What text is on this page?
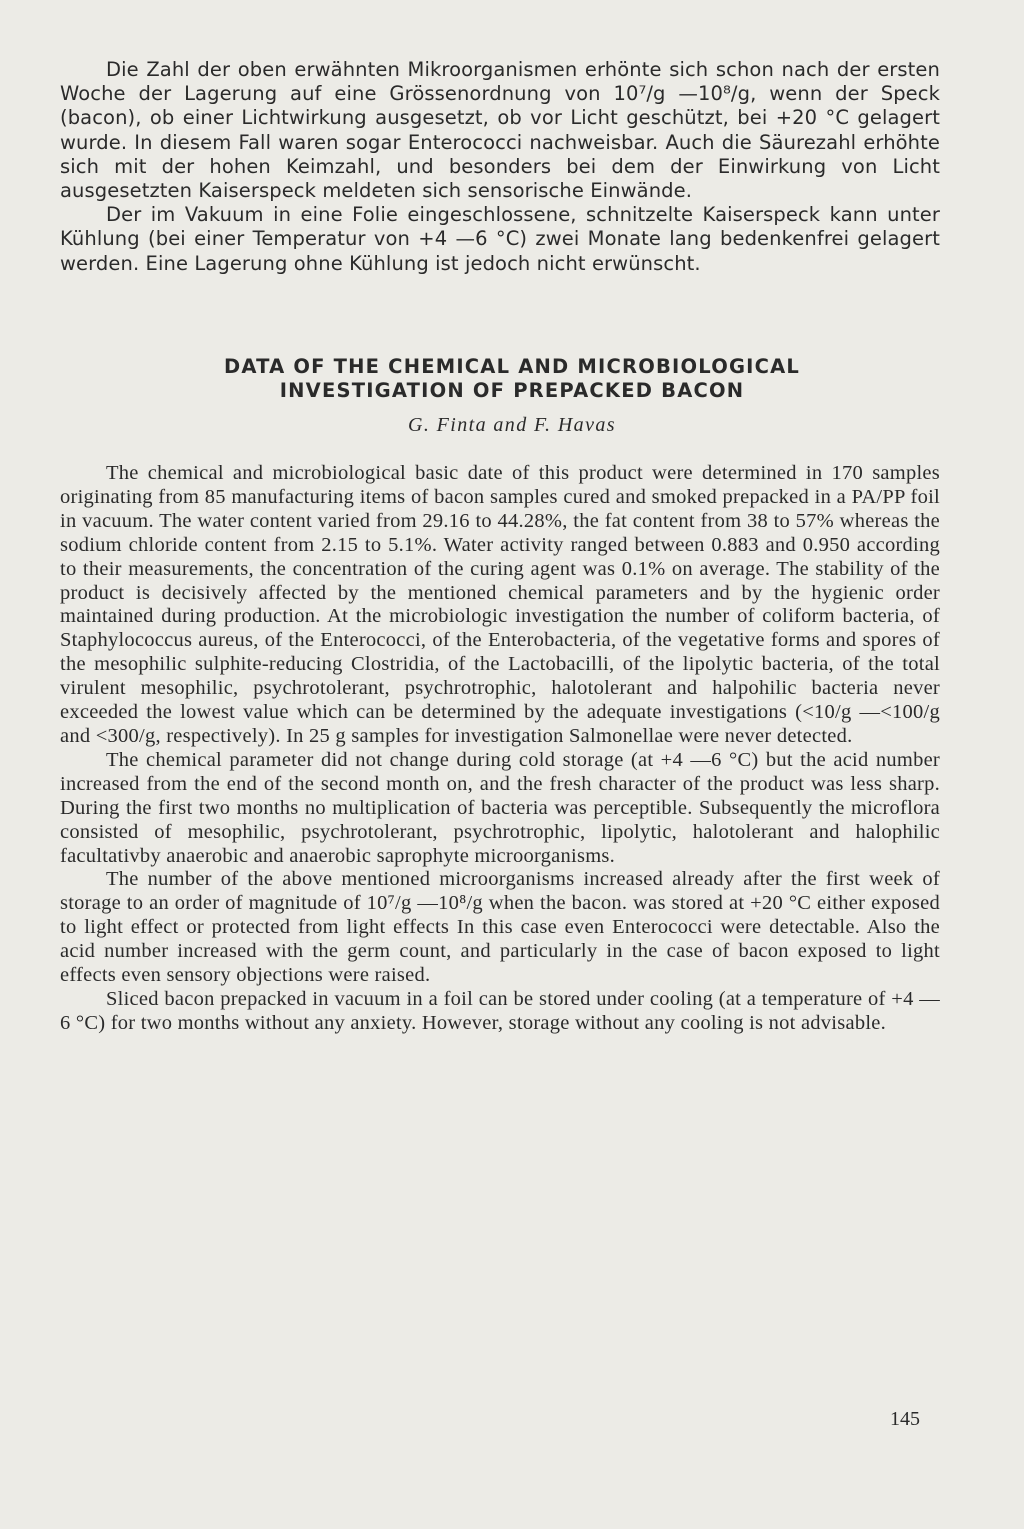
Die Zahl der oben erwähnten Mikroorganismen erhönte sich schon nach der ersten Woche der Lagerung auf eine Grössenordnung von 10⁷/g —10⁸/g, wenn der Speck (bacon), ob einer Lichtwirkung ausgesetzt, ob vor Licht geschützt, bei +20 °C gelagert wurde. In diesem Fall waren sogar Enterococci nachweisbar. Auch die Säurezahl erhöhte sich mit der hohen Keimzahl, und besonders bei dem der Einwirkung von Licht ausgesetzten Kaiserspeck meldeten sich sensorische Einwände.

Der im Vakuum in eine Folie eingeschlossene, schnitzelte Kaiserspeck kann unter Kühlung (bei einer Temperatur von +4 —6 °C) zwei Monate lang bedenkenfrei gelagert werden. Eine Lagerung ohne Kühlung ist jedoch nicht erwünscht.

DATA OF THE CHEMICAL AND MICROBIOLOGICAL
INVESTIGATION OF PREPACKED BACON

G. Finta and F. Havas

The chemical and microbiological basic date of this product were determined in 170 samples originating from 85 manufacturing items of bacon samples cured and smoked prepacked in a PA/PP foil in vacuum. The water content varied from 29.16 to 44.28%, the fat content from 38 to 57% whereas the sodium chloride content from 2.15 to 5.1%. Water activity ranged between 0.883 and 0.950 according to their measurements, the concentration of the curing agent was 0.1% on average. The stability of the product is decisively affected by the mentioned chemical parameters and by the hygienic order maintained during production. At the microbiologic investigation the number of coliform bacteria, of Staphylococcus aureus, of the Enterococci, of the Enterobacteria, of the vegetative forms and spores of the mesophilic sulphite-reducing Clostridia, of the Lactobacilli, of the lipolytic bacteria, of the total virulent mesophilic, psychrotolerant, psychrotrophic, halotolerant and halpohilic bacteria never exceeded the lowest value which can be determined by the adequate investigations (<10/g —<100/g and <300/g, respectively). In 25 g samples for investigation Salmonellae were never detected.

The chemical parameter did not change during cold storage (at +4 —6 °C) but the acid number increased from the end of the second month on, and the fresh character of the product was less sharp. During the first two months no multiplication of bacteria was perceptible. Subsequently the microflora consisted of mesophilic, psychrotolerant, psychrotrophic, lipolytic, halotolerant and halophilic facultativby anaerobic and anaerobic saprophyte microorganisms.

The number of the above mentioned microorganisms increased already after the first week of storage to an order of magnitude of 10⁷/g —10⁸/g when the bacon. was stored at +20 °C either exposed to light effect or protected from light effects In this case even Enterococci were detectable. Also the acid number increased with the germ count, and particularly in the case of bacon exposed to light effects even sensory objections were raised.

Sliced bacon prepacked in vacuum in a foil can be stored under cooling (at a temperature of +4 —6 °C) for two months without any anxiety. However, storage without any cooling is not advisable.

145
